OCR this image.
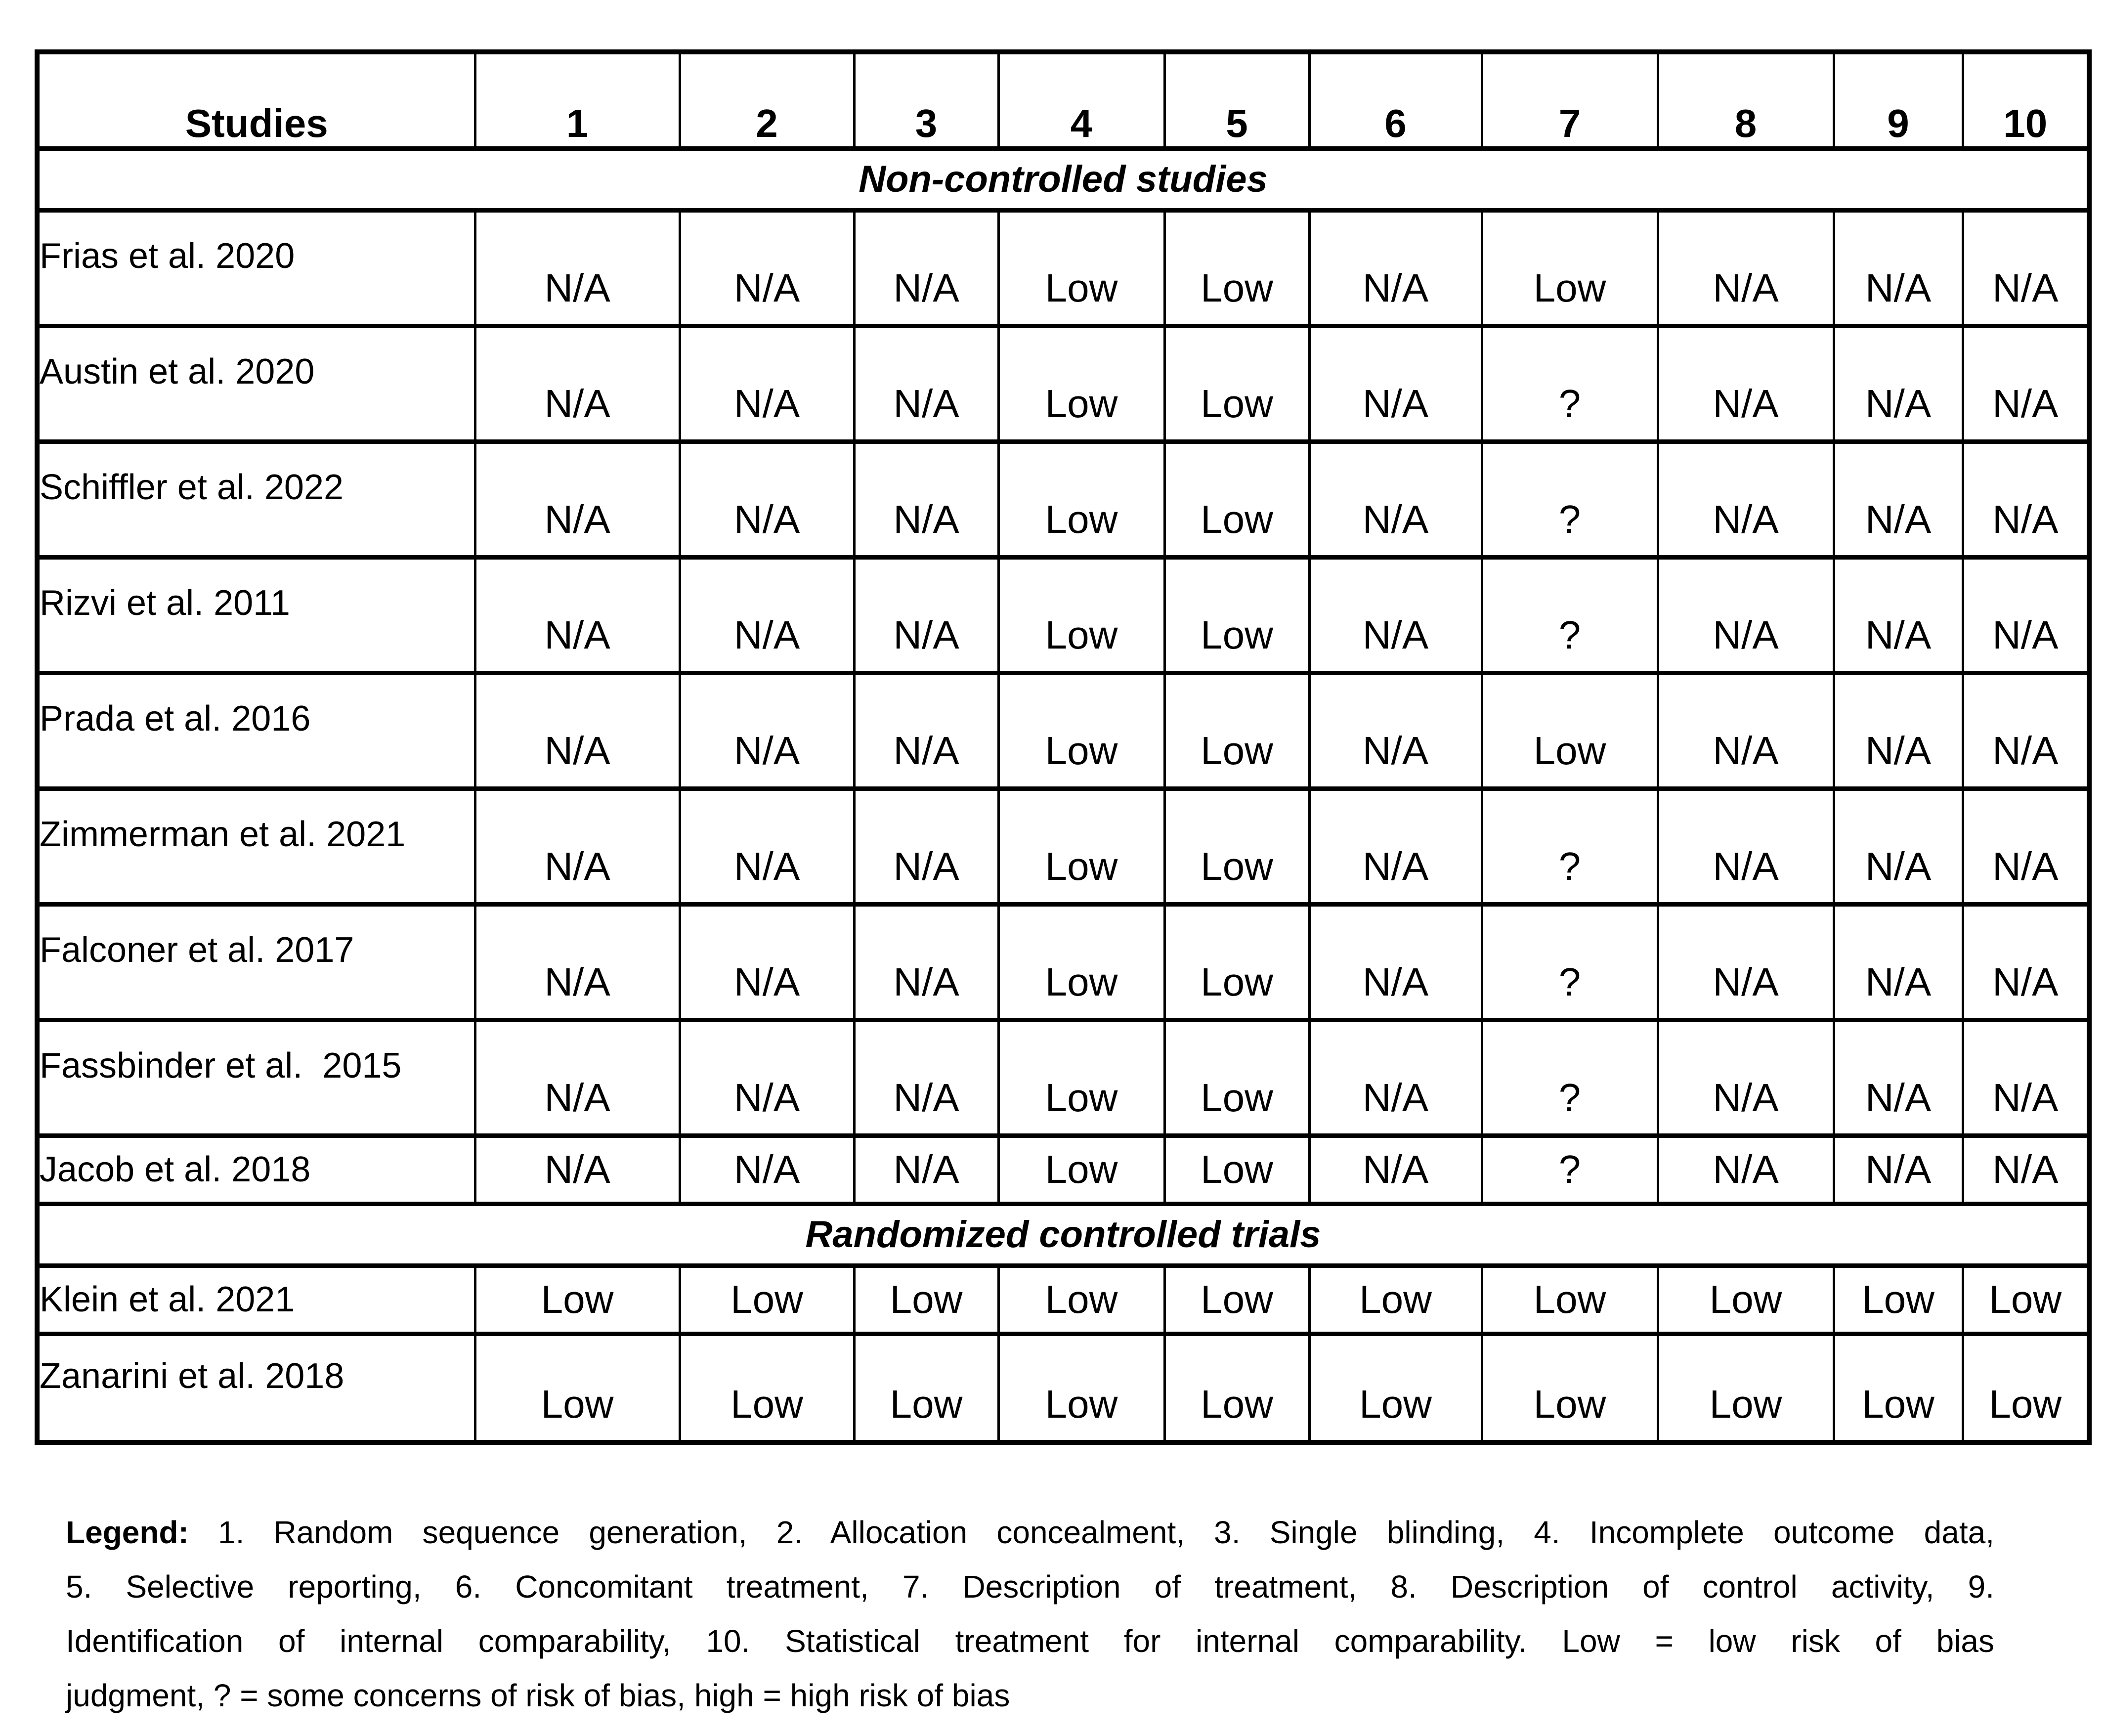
Studies	1	2	3	4	5	6	7	8	9	10
Non-controlled studies										
Frias et al. 2020	N/A	N/A	N/A	Low	Low	N/A	Low	N/A	N/A	N/A
Austin et al. 2020	N/A	N/A	N/A	Low	Low	N/A	?	N/A	N/A	N/A
Schiffler et al. 2022	N/A	N/A	N/A	Low	Low	N/A	?	N/A	N/A	N/A
Rizvi et al. 2011	N/A	N/A	N/A	Low	Low	N/A	?	N/A	N/A	N/A
Prada et al. 2016	N/A	N/A	N/A	Low	Low	N/A	Low	N/A	N/A	N/A
Zimmerman et al. 2021	N/A	N/A	N/A	Low	Low	N/A	?	N/A	N/A	N/A
Falconer et al. 2017	N/A	N/A	N/A	Low	Low	N/A	?	N/A	N/A	N/A
Fassbinder et al.  2015	N/A	N/A	N/A	Low	Low	N/A	?	N/A	N/A	N/A
Jacob et al. 2018	N/A	N/A	N/A	Low	Low	N/A	?	N/A	N/A	N/A
Randomized controlled trials										
Klein et al. 2021	Low	Low	Low	Low	Low	Low	Low	Low	Low	Low
Zanarini et al. 2018	Low	Low	Low	Low	Low	Low	Low	Low	Low	Low
Legend: 1. Random sequence generation, 2. Allocation concealment, 3. Single blinding, 4. Incomplete outcome data,
5. Selective reporting, 6. Concomitant treatment, 7. Description of treatment, 8. Description of control activity, 9.
Identification of internal comparability, 10. Statistical treatment for internal comparability. Low = low risk of bias
judgment, ? = some concerns of risk of bias, high = high risk of bias
